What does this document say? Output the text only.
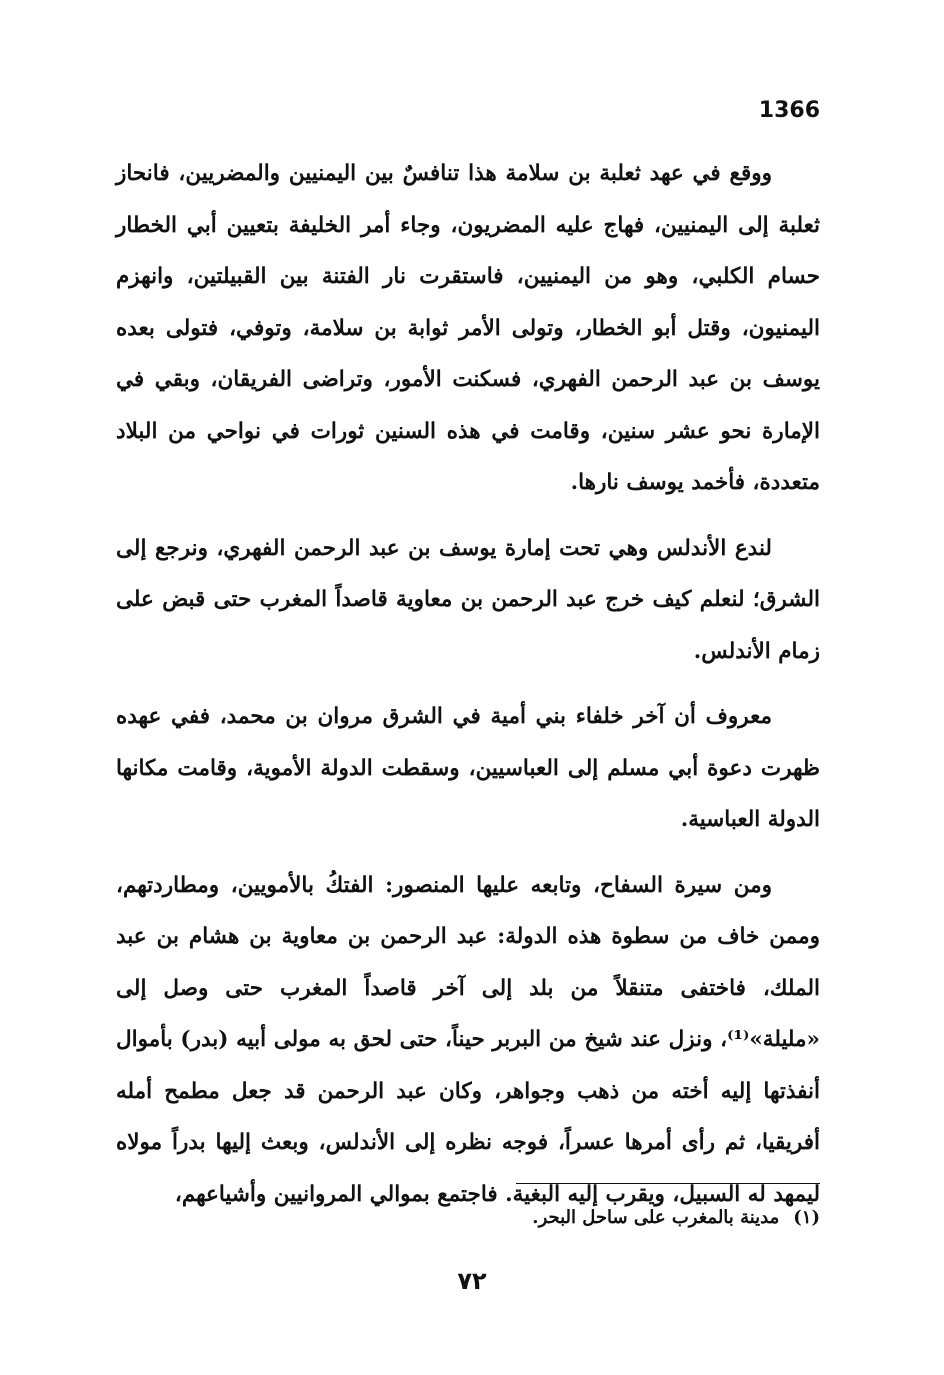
1366

ووقع في عهد ثعلبة بن سلامة هذا تنافسٌ بين اليمنيين والمضريين، فانحاز ثعلبة إلى اليمنيين، فهاج عليه المضريون، وجاء أمر الخليفة بتعيين أبي الخطار حسام الكلبي، وهو من اليمنيين، فاستقرت نار الفتنة بين القبيلتين، وانهزم اليمنيون، وقتل أبو الخطار، وتولى الأمر ثوابة بن سلامة، وتوفي، فتولى بعده يوسف بن عبد الرحمن الفهري، فسكنت الأمور، وتراضى الفريقان، وبقي في الإمارة نحو عشر سنين، وقامت في هذه السنين ثورات في نواحي من البلاد متعددة، فأخمد يوسف نارها.

لندع الأندلس وهي تحت إمارة يوسف بن عبد الرحمن الفهري، ونرجع إلى الشرق؛ لنعلم كيف خرج عبد الرحمن بن معاوية قاصداً المغرب حتى قبض على زمام الأندلس.

معروف أن آخر خلفاء بني أمية في الشرق مروان بن محمد، ففي عهده ظهرت دعوة أبي مسلم إلى العباسيين، وسقطت الدولة الأموية، وقامت مكانها الدولة العباسية.

ومن سيرة السفاح، وتابعه عليها المنصور: الفتكُ بالأمويين، ومطاردتهم، وممن خاف من سطوة هذه الدولة: عبد الرحمن بن معاوية بن هشام بن عبد الملك، فاختفى متنقلاً من بلد إلى آخر قاصداً المغرب حتى وصل إلى «مليلة»⁽¹⁾، ونزل عند شيخ من البربر حيناً، حتى لحق به مولى أبيه (بدر) بأموال أنفذتها إليه أخته من ذهب وجواهر، وكان عبد الرحمن قد جعل مطمح أمله أفريقيا، ثم رأى أمرها عسراً، فوجه نظره إلى الأندلس، وبعث إليها بدراً مولاه ليمهد له السبيل، ويقرب إليه البغية. فاجتمع بموالي المروانيين وأشياعهم،

(١)مدينة بالمغرب على ساحل البحر.
٧٢
